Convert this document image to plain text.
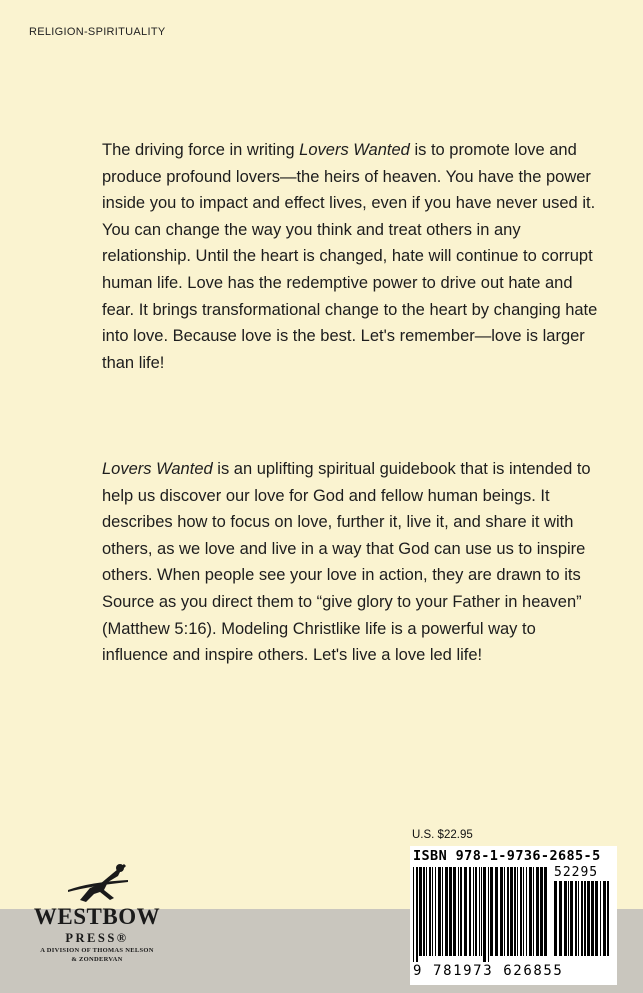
RELIGION-SPIRITUALITY

The driving force in writing Lovers Wanted is to promote love and produce profound lovers—the heirs of heaven. You have the power inside you to impact and effect lives, even if you have never used it. You can change the way you think and treat others in any relationship. Until the heart is changed, hate will continue to corrupt human life. Love has the redemptive power to drive out hate and fear. It brings transformational change to the heart by changing hate into love. Because love is the best. Let's remember—love is larger than life!

Lovers Wanted is an uplifting spiritual guidebook that is intended to help us discover our love for God and fellow human beings. It describes how to focus on love, further it, live it, and share it with others, as we love and live in a way that God can use us to inspire others. When people see your love in action, they are drawn to its Source as you direct them to “give glory to your Father in heaven” (Matthew 5:16). Modeling Christlike life is a powerful way to influence and inspire others. Let's live a love led life!

U.S. $22.95
ISBN 978-1-9736-2685-5
52295
9 781973 626855
WESTBOW
PRESS®
A DIVISION OF THOMAS NELSON
& ZONDERVAN
